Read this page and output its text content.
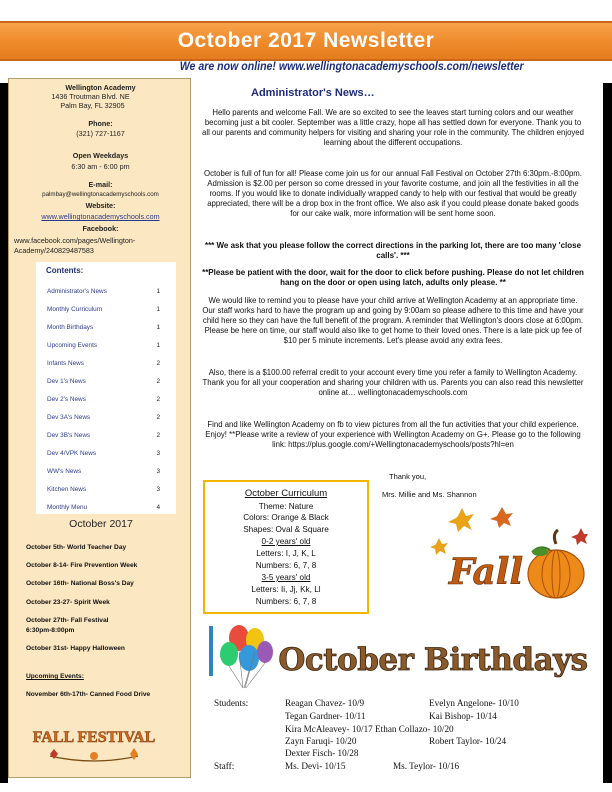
October 2017 Newsletter
We are now online! www.wellingtonacademyschools.com/newsletter
Wellington Academy
1436 Troutman Blvd. NE
Palm Bay, FL 32905
Phone:
(321) 727-1167
Open Weekdays
6:30 am - 6:00 pm
E-mail:
palmbay@wellingtonacademyschools.com
Website:
www.wellingtonacademyschools.com
Facebook:
www.facebook.com/pages/Wellington-
Academy/240829487583
Contents:
Administrator's News	1
Monthly Curriculum	1
Month Birthdays	1
Upcoming Events	1
Infants News	2
Dev 1's News	2
Dev 2's News	2
Dev 3A's News	2
Dev 3B's News	2
Dev 4/VPK News	3
WW's News	3
Kitchen News	3
Monthly Menu	4
October 2017
October 5th- World Teacher Day
October 8-14- Fire Prevention Week
October 16th- National Boss's Day
October 23-27- Spirit Week
October 27th- Fall Festival
6:30pm-8:00pm
October 31st- Happy Halloween
Upcoming Events:
November 6th-17th- Canned Food Drive
FALL FESTIVAL
Administrator's News…
Hello parents and welcome Fall. We are so excited to see the leaves start turning colors and our weather becoming just a bit cooler. September was a little crazy, hope all has settled down for everyone. Thank you to all our parents and community helpers for visiting and sharing your role in the community. The children enjoyed learning about the different occupations.
October is full of fun for all! Please come join us for our annual Fall Festival on October 27th 6:30pm.-8:00pm. Admission is $2.00 per person so come dressed in your favorite costume, and join all the festivities in all the rooms. If you would like to donate individually wrapped candy to help with our festival that would be greatly appreciated, there will be a drop box in the front office. We also ask if you could please donate baked goods for our cake walk, more information will be sent home soon.
*** We ask that you please follow the correct directions in the parking lot, there are too many 'close calls'. ***
**Please be patient with the door, wait for the door to click before pushing. Please do not let children hang on the door or open using latch, adults only please. **
We would like to remind you to please have your child arrive at Wellington Academy at an appropriate time. Our staff works hard to have the program up and going by 9:00am so please adhere to this time and have your child here so they can have the full benefit of the program. A reminder that Wellington's doors close at 6:00pm. Please be here on time, our staff would also like to get home to their loved ones. There is a late pick up fee of $10 per 5 minute increments. Let's please avoid any extra fees.
Also, there is a $100.00 referral credit to your account every time you refer a family to Wellington Academy. Thank you for all your cooperation and sharing your children with us. Parents you can also read this newsletter online at… wellingtonacademyschools.com
Find and like Wellington Academy on fb to view pictures from all the fun activities that your child experience. Enjoy! **Please write a review of your experience with Wellington Academy on G+. Please go to the following link: https://plus.google.com/+Wellingtonacademyschools/posts?hl=en
Thank you,
Mrs. Millie and Ms. Shannon
October Curriculum
Theme: Nature
Colors: Orange & Black
Shapes: Oval & Square
0-2 years' old
Letters: I, J, K, L
Numbers: 6, 7, 8
3-5 years' old
Letters: Ii, Jj, Kk, Ll
Numbers: 6, 7, 8
Fall
October Birthdays
Students:	Reagan Chavez- 10/9	Evelyn Angelone- 10/10
Tegan Gardner- 10/11	Kai Bishop- 10/14
Kira McAleavey- 10/17 Ethan Collazo- 10/20
Zayn Faruqi- 10/20	Robert Taylor- 10/24
Dexter Fisch- 10/28
Staff:	Ms. Devi- 10/15	Ms. Teylor- 10/16
